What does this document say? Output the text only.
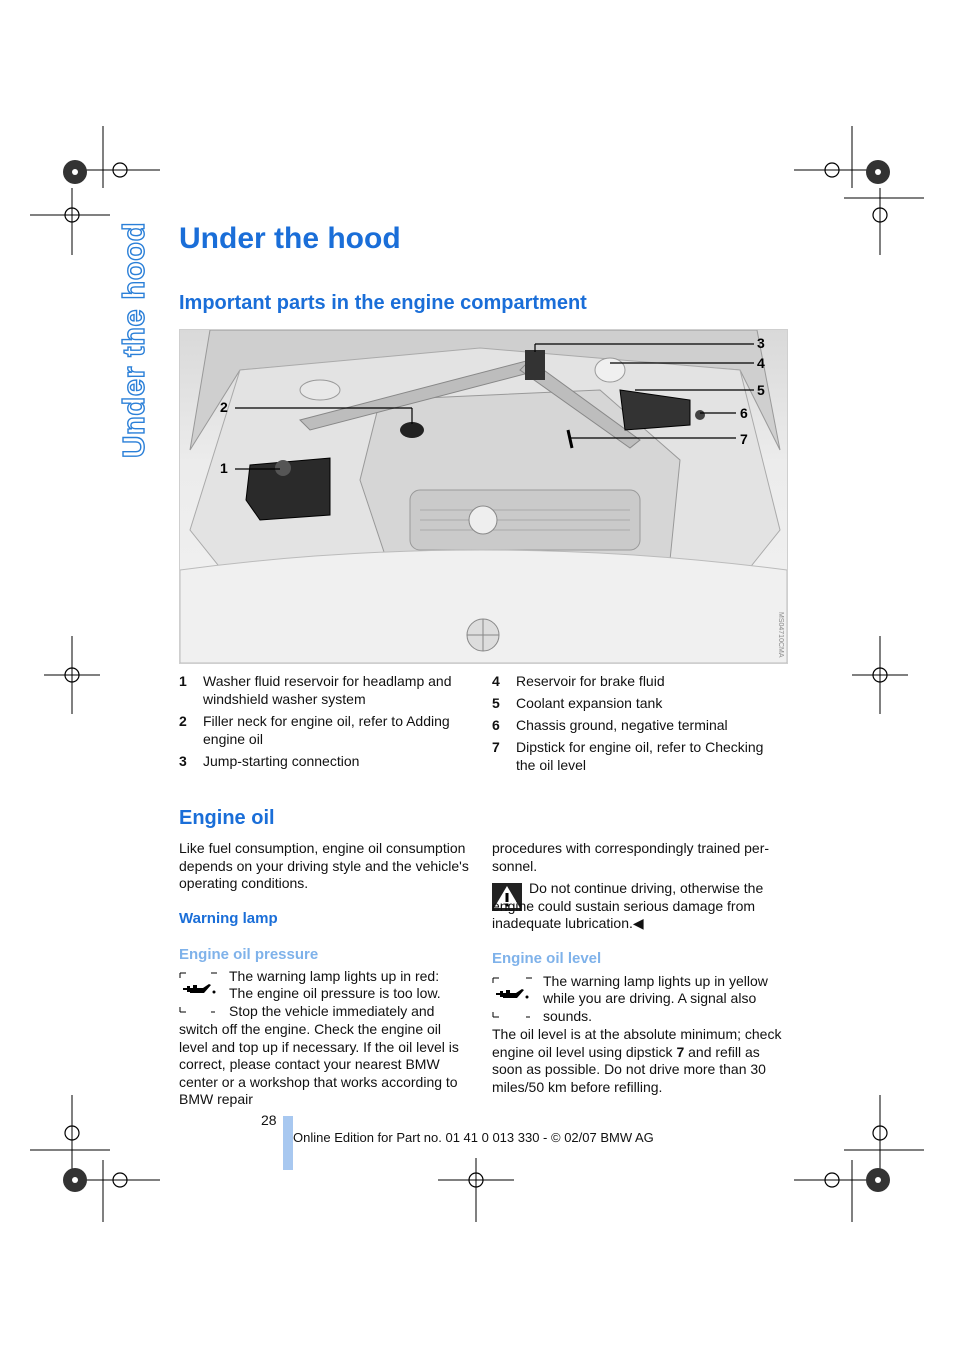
Under the hood Under the hood
Important parts in the engine compartment
2
1
3
4
5
6
7
MS04710CMA
1	Washer fluid reservoir for headlamp and windshield washer system
2	Filler neck for engine oil, refer to Adding engine oil
3	Jump-starting connection
4	Reservoir for brake fluid
5	Coolant expansion tank
6	Chassis ground, negative terminal
7	Dipstick for engine oil, refer to Checking the oil level
Engine oil

Like fuel consumption, engine oil consumption depends on your driving style and the vehicle's operating conditions.

Warning lamp
Engine oil pressure

The warning lamp lights up in red:

The engine oil pressure is too low.

Stop the vehicle immediately and

switch off the engine. Check the engine oil level and top up if necessary. If the oil level is correct, please contact your nearest BMW center or a workshop that works according to BMW repair

procedures with correspondingly trained per-sonnel.

Do not continue driving, otherwise the engine could sustain serious damage from inadequate lubrication.◀

Engine oil level

The warning lamp lights up in yellow

while you are driving. A signal also

sounds.

The oil level is at the absolute minimum; check engine oil level using dipstick 7 and refill as soon as possible. Do not drive more than 30 miles/50 km before refilling.

28
Online Edition for Part no. 01 41 0 013 330 - © 02/07 BMW AG
